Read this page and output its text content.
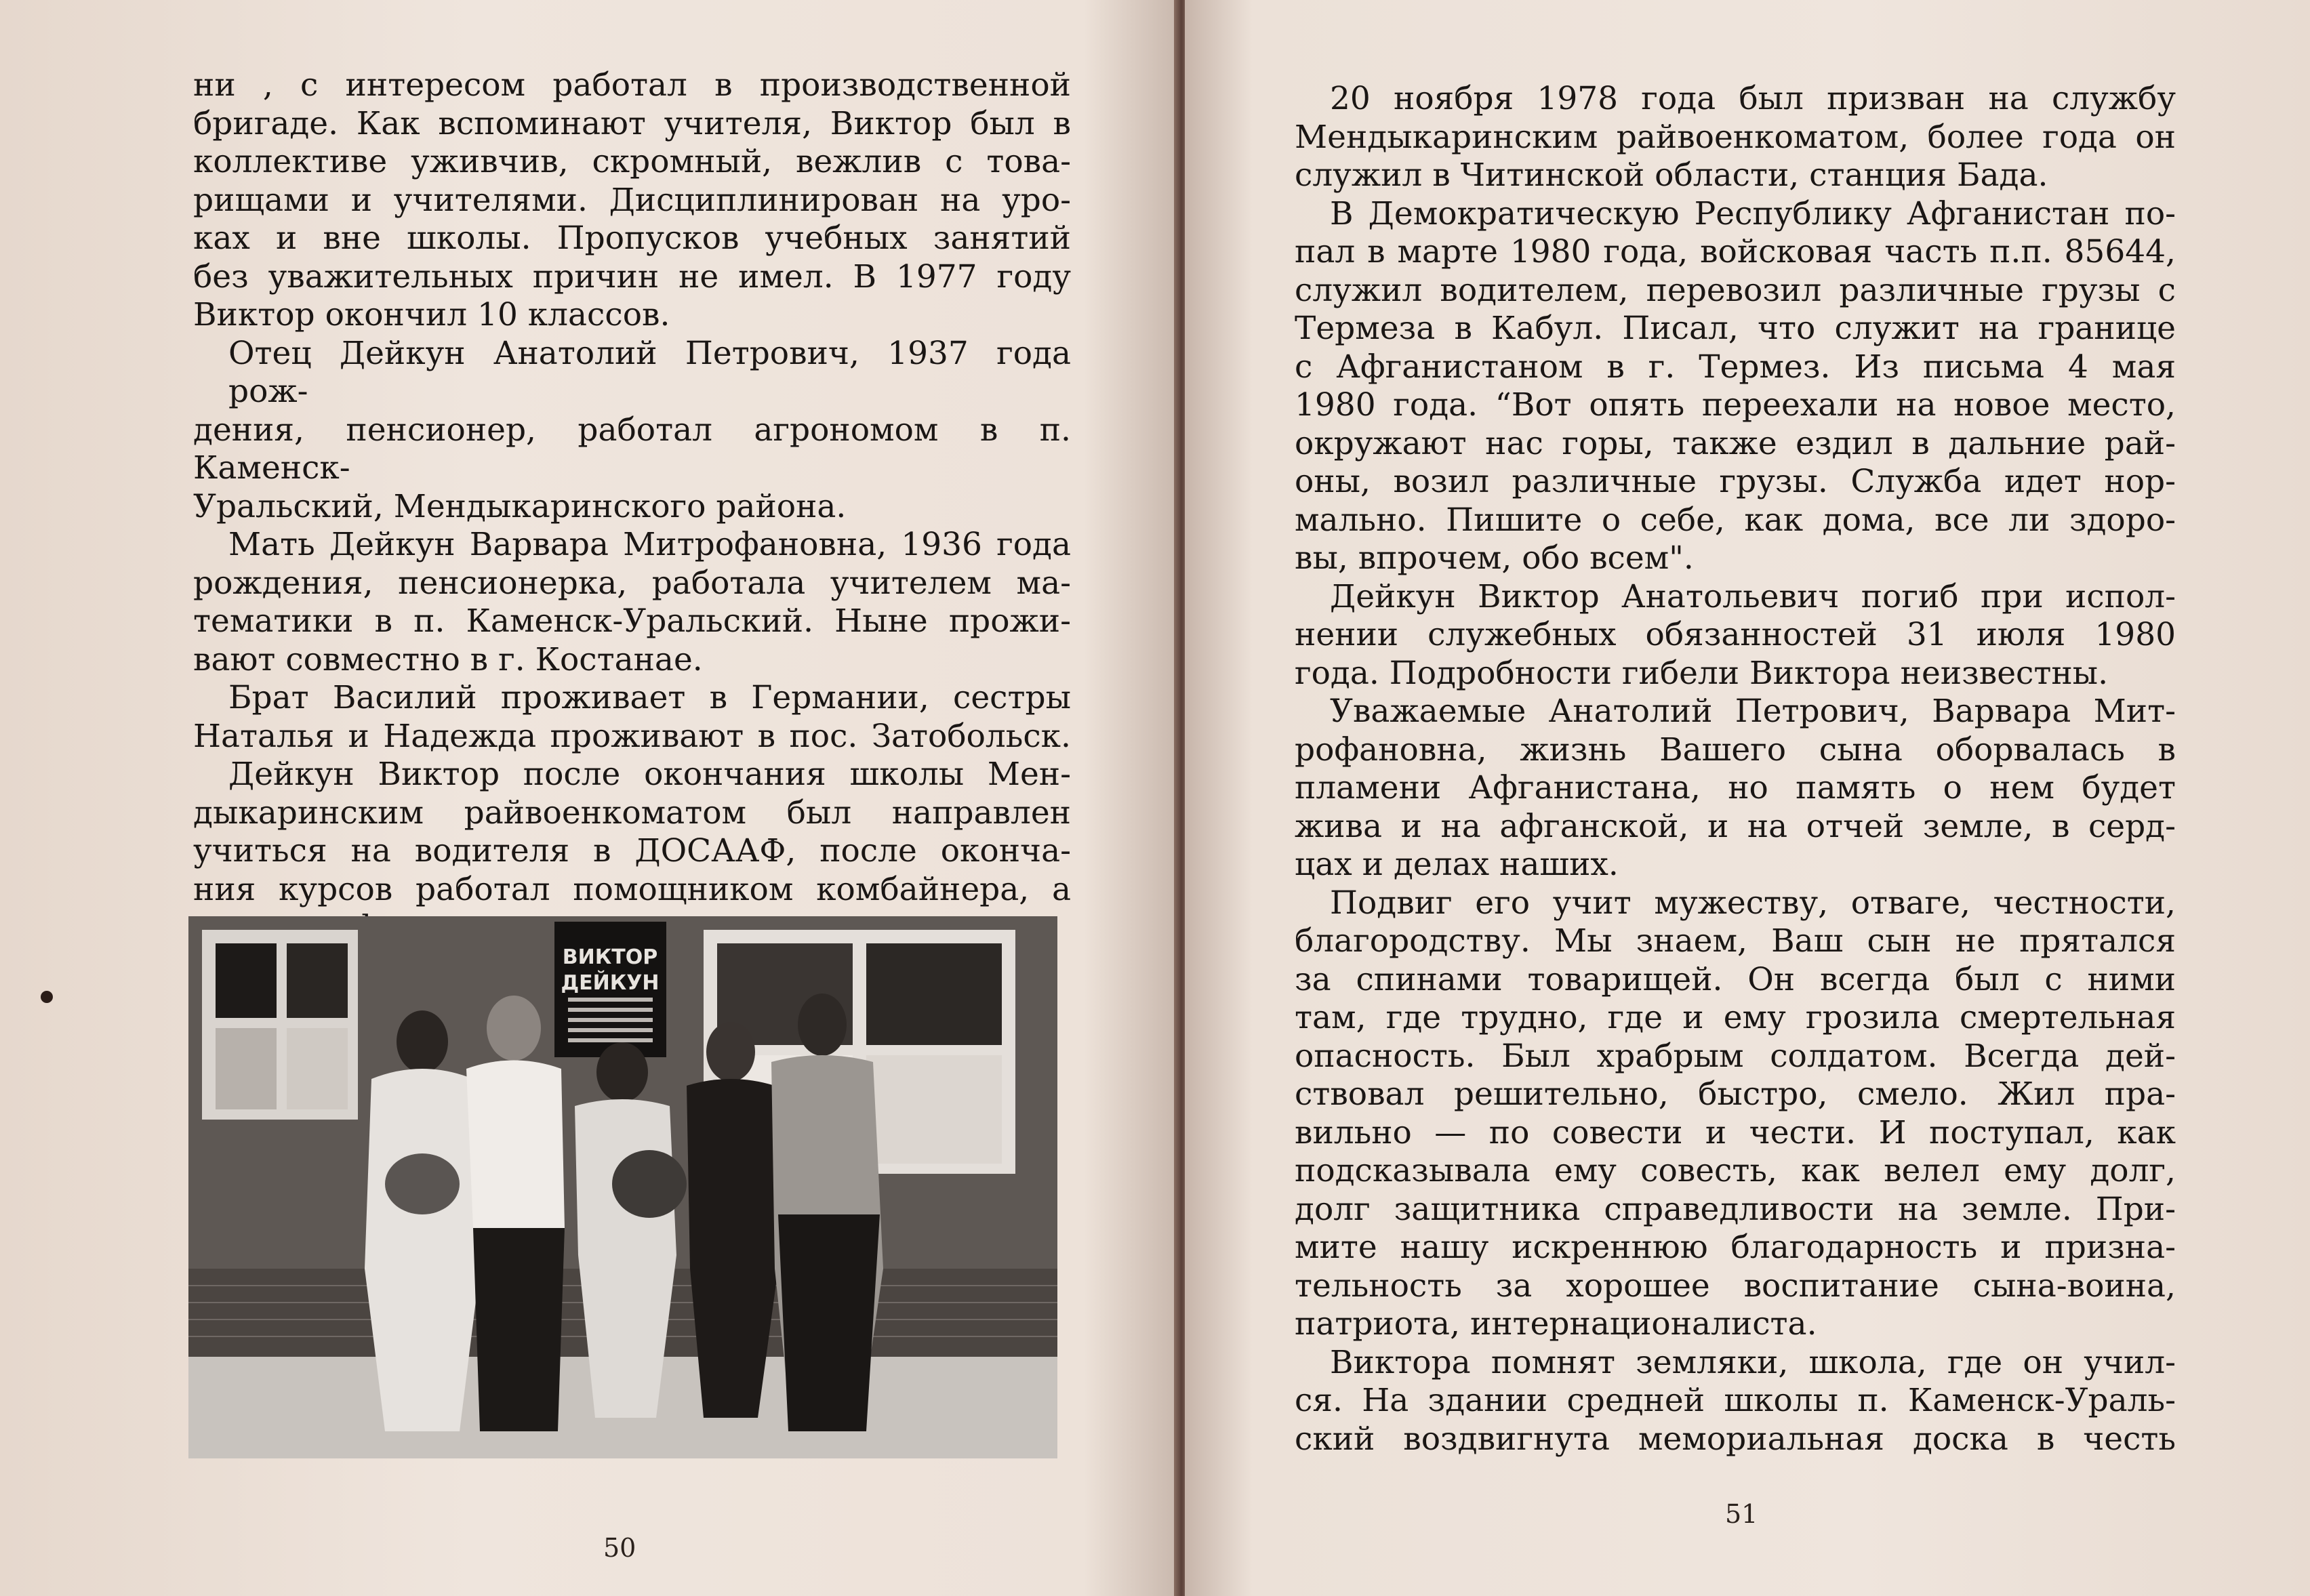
ни , с интересом работал в производственной
бригаде. Как вспоминают учителя, Виктор был в
коллективе уживчив, скромный, вежлив с това-
рищами и учителями. Дисциплинирован на уро-
ках и вне школы. Пропусков учебных занятий
без уважительных причин не имел. В 1977 году
Виктор окончил 10 классов.
Отец Дейкун Анатолий Петрович, 1937 года рож-
дения, пенсионер, работал агрономом в п. Каменск-
Уральский, Мендыкаринского района.
Мать Дейкун Варвара Митрофановна, 1936 года
рождения, пенсионерка, работала учителем ма-
тематики в п. Каменск-Уральский. Ныне прожи-
вают совместно в г. Костанае.
Брат Василий проживает в Германии, сестры
Наталья и Надежда проживают в пос. Затобольск.
Дейкун Виктор после окончания школы Мен-
дыкаринским райвоенкоматом был направлен
учиться на водителя в ДОСААФ, после оконча-
ния курсов работал помощником комбайнера, а
ВИКТОР
ДЕЙКУН
50
20 ноября 1978 года был призван на службу
Мендыкаринским райвоенкоматом, более года он
служил в Читинской области, станция Бада.
В Демократическую Республику Афганистан по-
пал в марте 1980 года, войсковая часть п.п. 85644,
служил водителем, перевозил различные грузы с
Термеза в Кабул. Писал, что служит на границе
с Афганистаном в г. Термез. Из письма 4 мая
1980 года. “Вот опять переехали на новое место,
окружают нас горы, также ездил в дальние рай-
оны, возил различные грузы. Служба идет нор-
мально. Пишите о себе, как дома, все ли здоро-
вы, впрочем, обо всем".
Дейкун Виктор Анатольевич погиб при испол-
нении служебных обязанностей 31 июля 1980
года. Подробности гибели Виктора неизвестны.
Уважаемые Анатолий Петрович, Варвара Мит-
рофановна, жизнь Вашего сына оборвалась в
пламени Афганистана, но память о нем будет
жива и на афганской, и на отчей земле, в серд-
цах и делах наших.
Подвиг его учит мужеству, отваге, честности,
благородству. Мы знаем, Ваш сын не прятался
за спинами товарищей. Он всегда был с ними
там, где трудно, где и ему грозила смертельная
опасность. Был храбрым солдатом. Всегда дей-
ствовал решительно, быстро, смело. Жил пра-
вильно — по совести и чести. И поступал, как
подсказывала ему совесть, как велел ему долг,
долг защитника справедливости на земле. При-
мите нашу искреннюю благодарность и призна-
тельность за хорошее воспитание сына-воина,
патриота, интернационалиста.
Виктора помнят земляки, школа, где он учил-
ся. На здании средней школы п. Каменск-Ураль-
ский воздвигнута мемориальная доска в честь
51
